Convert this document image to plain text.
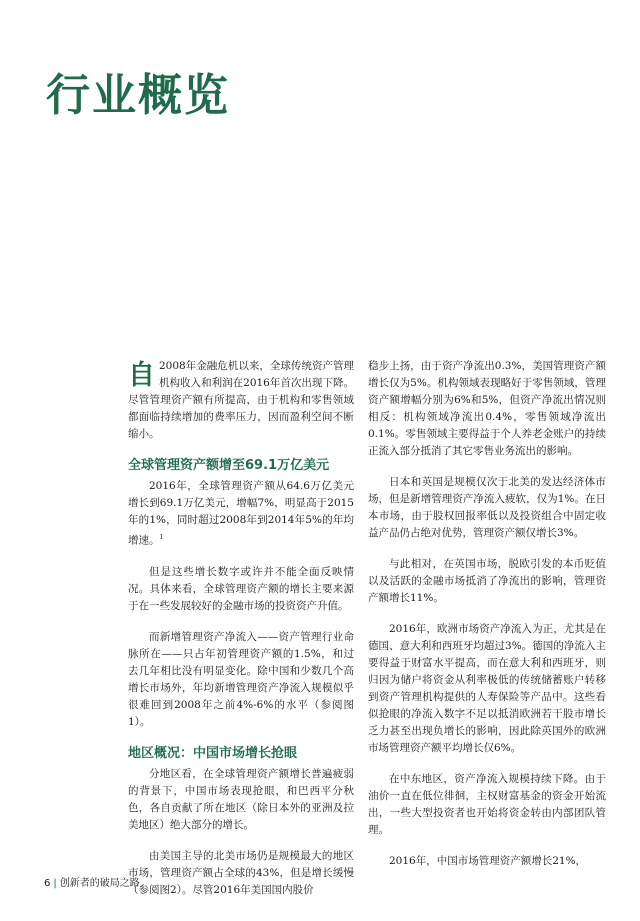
行业概览

自 2008年金融危机以来，全球传统资产管理机构收入和利润在2016年首次出现下降。尽管管理资产额有所提高，由于机构和零售领域都面临持续增加的费率压力，因而盈利空间不断缩小。

全球管理资产额增至69.1万亿美元

2016年，全球管理资产额从64.6万亿美元增长到69.1万亿美元，增幅7%，明显高于2015年的1%，同时超过2008年到2014年5%的年均增速。$^1$

但是这些增长数字或许并不能全面反映情况。具体来看，全球管理资产额的增长主要来源于在一些发展较好的金融市场的投资资产升值。

而新增管理资产净流入——资产管理行业命脉所在——只占年初管理资产额的1.5%，和过去几年相比没有明显变化。除中国和少数几个高增长市场外，年均新增管理资产净流入规模似乎很难回到2008年之前4%-6%的水平（参阅图1）。

地区概况：中国市场增长抢眼

分地区看，在全球管理资产额增长普遍疲弱的背景下，中国市场表现抢眼，和巴西平分秋色，各自贡献了所在地区（除日本外的亚洲及拉美地区）绝大部分的增长。

由美国主导的北美市场仍是规模最大的地区市场，管理资产额占全球的43%，但是增长缓慢（参阅图2）。尽管2016年美国国内股价

稳步上扬，由于资产净流出0.3%，美国管理资产额增长仅为5%。机构领域表现略好于零售领域，管理资产额增幅分别为6%和5%，但资产净流出情况则相反：机构领域净流出0.4%，零售领域净流出0.1%。零售领域主要得益于个人养老金账户的持续正流入部分抵消了其它零售业务流出的影响。

日本和英国是规模仅次于北美的发达经济体市场，但是新增管理资产净流入疲软，仅为1%。在日本市场，由于股权回报率低以及投资组合中固定收益产品仍占绝对优势，管理资产额仅增长3%。

与此相对，在英国市场，脱欧引发的本币贬值以及活跃的金融市场抵消了净流出的影响，管理资产额增长11%。

2016年，欧洲市场资产净流入为正，尤其是在德国、意大利和西班牙均超过3%。德国的净流入主要得益于财富水平提高，而在意大利和西班牙，则归因为储户将资金从利率极低的传统储蓄账户转移到资产管理机构提供的人寿保险等产品中。这些看似抢眼的净流入数字不足以抵消欧洲若干股市增长乏力甚至出现负增长的影响，因此除英国外的欧洲市场管理资产额平均增长仅6%。

在中东地区，资产净流入规模持续下降。由于油价一直在低位徘徊，主权财富基金的资金开始流出，一些大型投资者也开始将资金转由内部团队管理。

2016年，中国市场管理资产额增长21%，

6 | 创新者的破局之路
